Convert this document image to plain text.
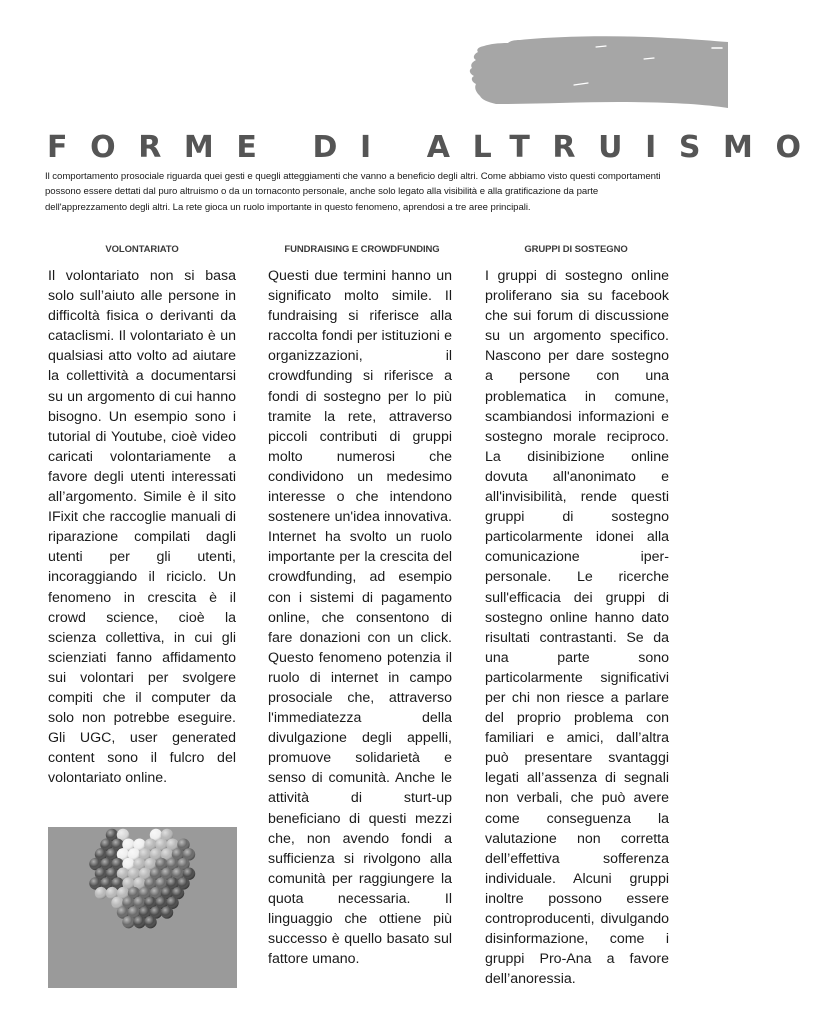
FORME DI ALTRUISMO

Il comportamento prosociale riguarda quei gesti e quegli atteggiamenti che vanno a beneficio degli altri. Come abbiamo visto questi comportamenti possono essere dettati dal puro altruismo o da un tornaconto personale, anche solo legato alla visibilità e alla gratificazione da parte dell'apprezzamento degli altri. La rete gioca un ruolo importante in questo fenomeno, aprendosi a tre aree principali.

VOLONTARIATO	FUNDRAISING E CROWDFUNDING	GRUPPI DI SOSTEGNO

Il volontariato non si basa solo sull’aiuto alle persone in difficoltà fisica o derivanti da cataclismi. Il volontariato è un qualsiasi atto volto ad aiutare la collettività a documentarsi su un argomento di cui hanno bisogno. Un esempio sono i tutorial di Youtube, cioè video caricati volontariamente a favore degli utenti interessati all’argomento. Simile è il sito IFixit che raccoglie manuali di riparazione compilati dagli utenti per gli utenti, incoraggiando il riciclo. Un fenomeno in crescita è il crowd science, cioè la scienza collettiva, in cui gli scienziati fanno affidamento sui volontari per svolgere compiti che il computer da solo non potrebbe eseguire. Gli UGC, user generated content sono il fulcro del volontariato online.

Questi due termini hanno un significato molto simile. Il fundraising si riferisce alla raccolta fondi per istituzioni e organizzazioni, il crowdfunding si riferisce a fondi di sostegno per lo più tramite la rete, attraverso piccoli contributi di gruppi molto numerosi che condividono un medesimo interesse o che intendono sostenere un'idea innovativa. Internet ha svolto un ruolo importante per la crescita del crowdfunding, ad esempio con i sistemi di pagamento online, che consentono di fare donazioni con un click. Questo fenomeno potenzia il ruolo di internet in campo prosociale che, attraverso l'immediatezza della divulgazione degli appelli, promuove solidarietà e senso di comunità. Anche le attività di sturt-up beneficiano di questi mezzi che, non avendo fondi a sufficienza si rivolgono alla comunità per raggiungere la quota necessaria. Il linguaggio che ottiene più successo è quello basato sul fattore umano.

I gruppi di sostegno online proliferano sia su facebook che sui forum di discussione su un argomento specifico. Nascono per dare sostegno a persone con una problematica in comune, scambiandosi informazioni e sostegno morale reciproco. La disinibizione online dovuta all'anonimato e all'invisibilità, rende questi gruppi di sostegno particolarmente idonei alla comunicazione iper-personale. Le ricerche sull'efficacia dei gruppi di sostegno online hanno dato risultati contrastanti. Se da una parte sono particolarmente significativi per chi non riesce a parlare del proprio problema con familiari e amici, dall’altra può presentare svantaggi legati all’assenza di segnali non verbali, che può avere come conseguenza la valutazione non corretta dell’effettiva sofferenza individuale. Alcuni gruppi inoltre possono essere controproducenti, divulgando disinformazione, come i gruppi Pro-Ana a favore dell’anoressia.
